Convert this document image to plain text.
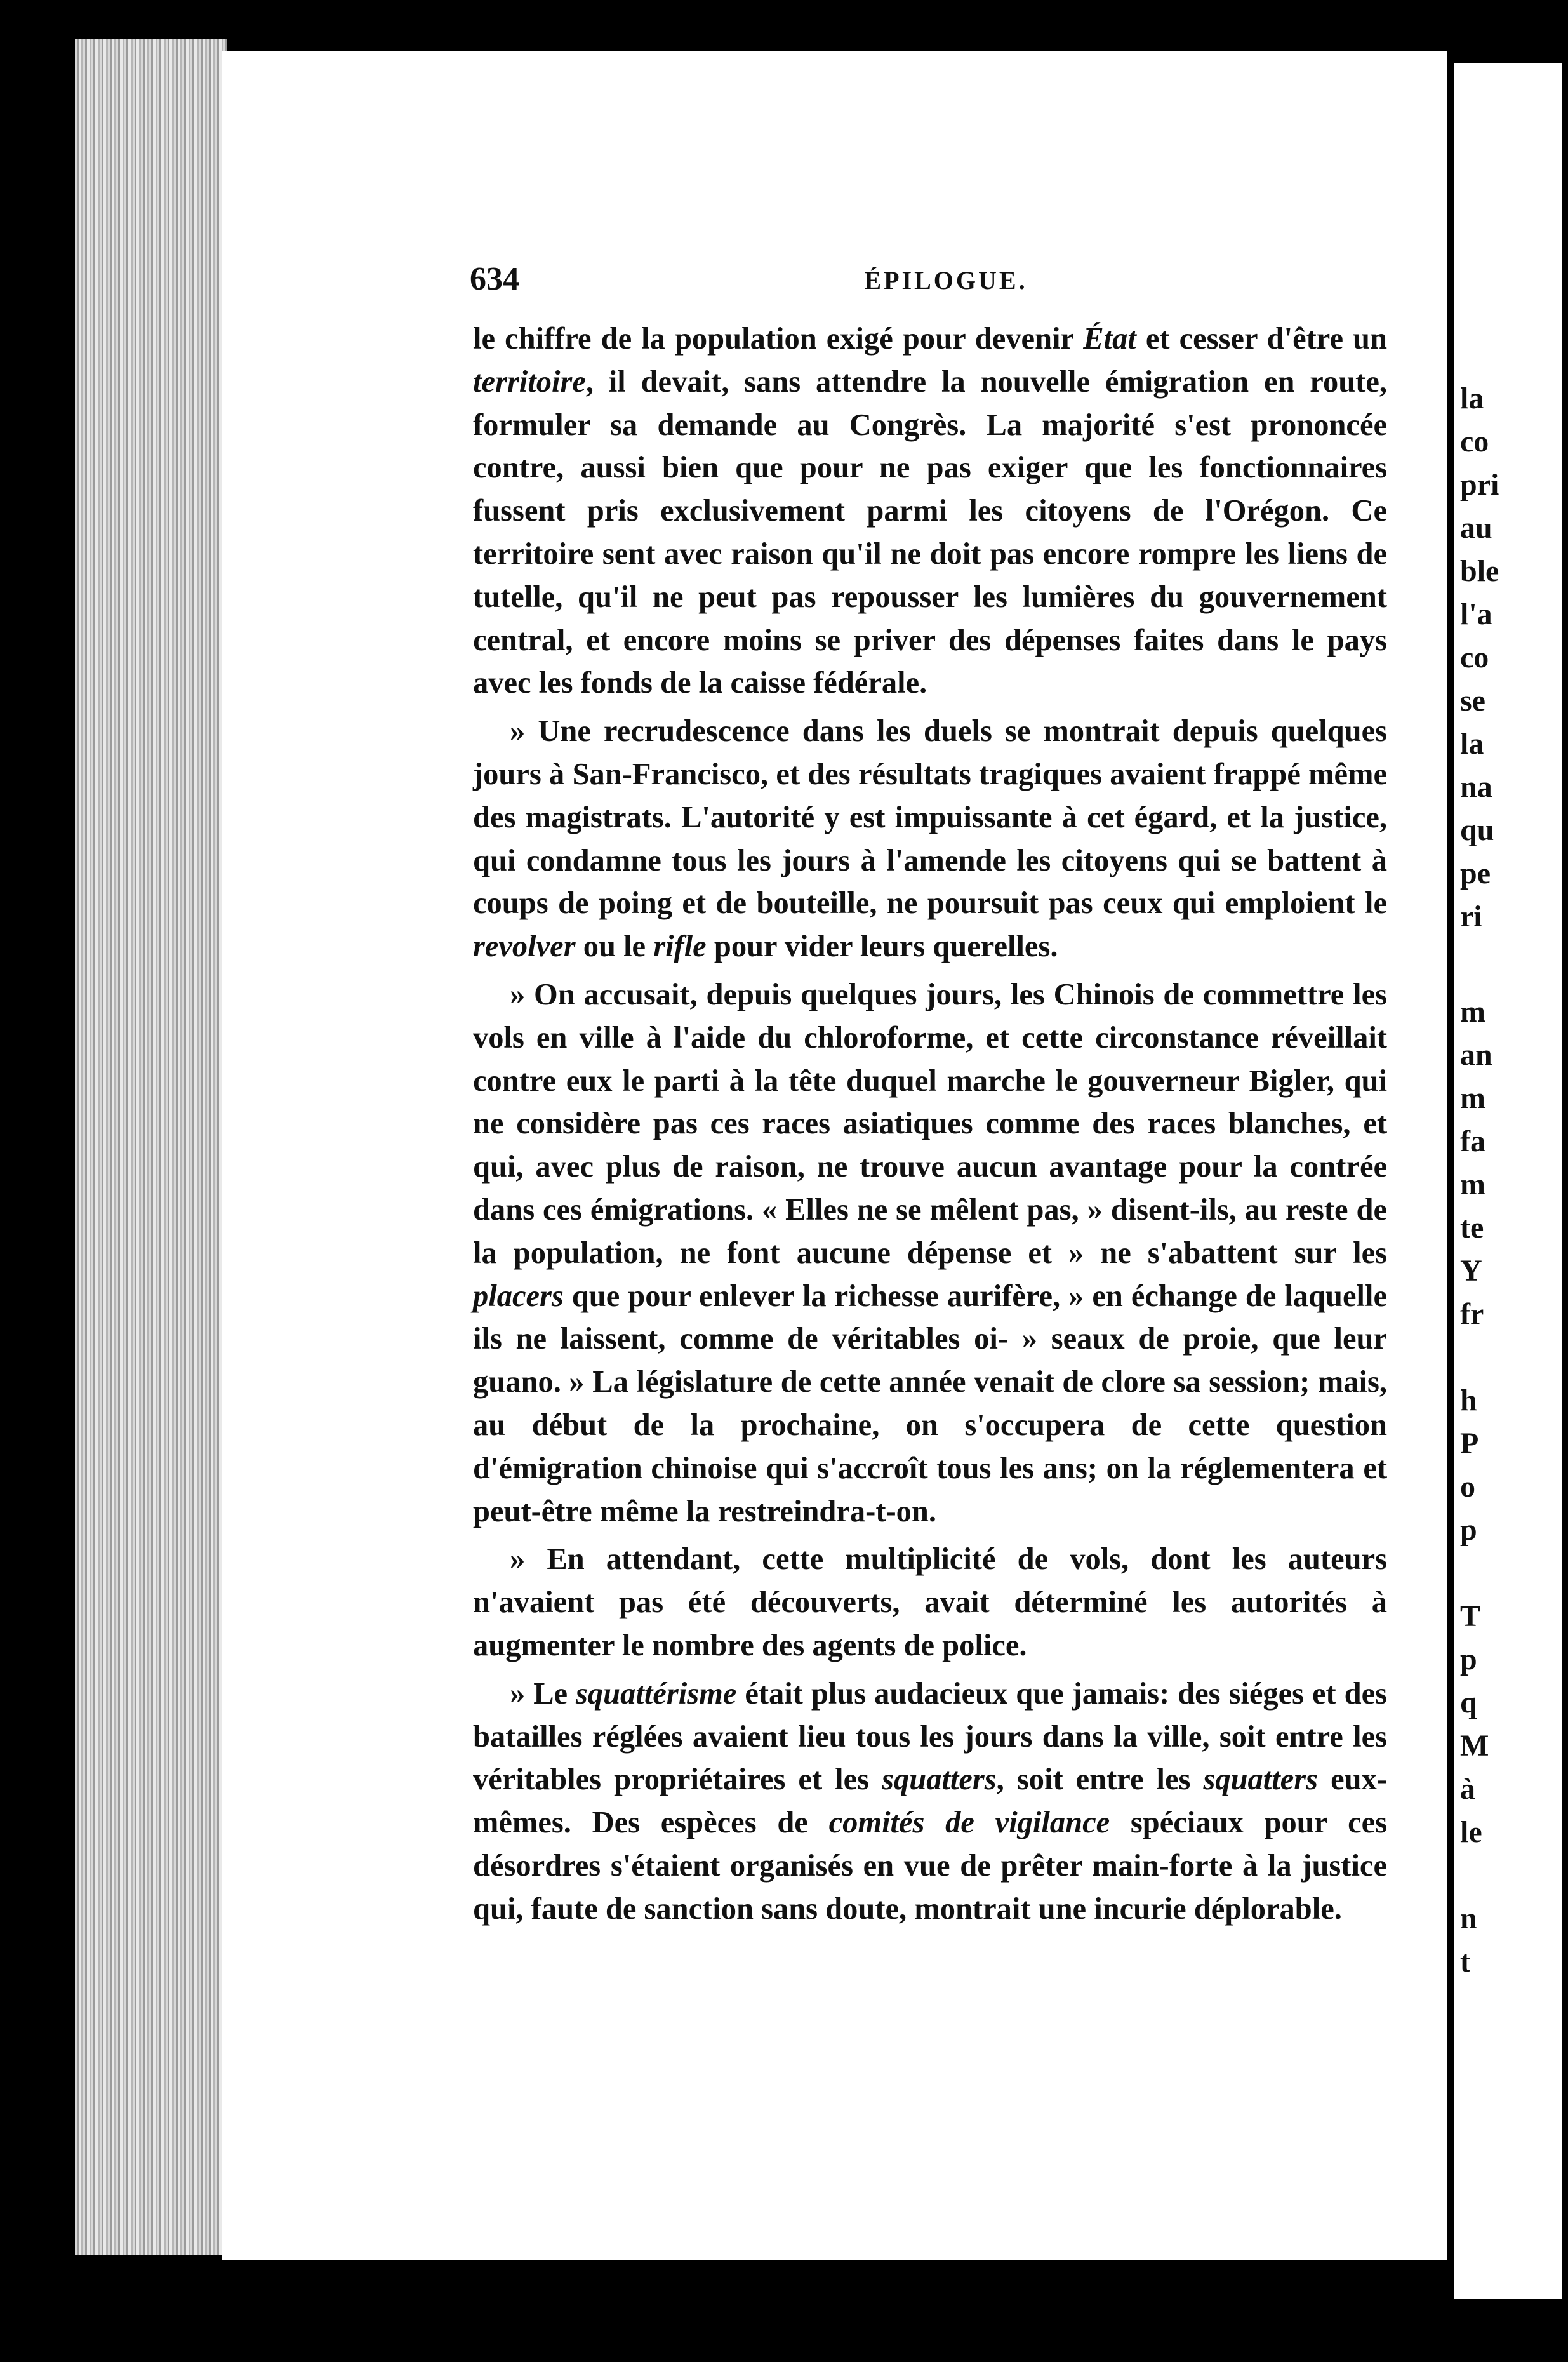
634	ÉPILOGUE.

le chiffre de la population exigé pour devenir État et cesser d'être un territoire, il devait, sans attendre la nouvelle émigration en route, formuler sa demande au Congrès. La majorité s'est prononcée contre, aussi bien que pour ne pas exiger que les fonctionnaires fussent pris exclusivement parmi les citoyens de l'Orégon. Ce territoire sent avec raison qu'il ne doit pas encore rompre les liens de tutelle, qu'il ne peut pas repousser les lumières du gouvernement central, et encore moins se priver des dépenses faites dans le pays avec les fonds de la caisse fédérale.

» Une recrudescence dans les duels se montrait depuis quelques jours à San-Francisco, et des résultats tragiques avaient frappé même des magistrats. L'autorité y est impuissante à cet égard, et la justice, qui condamne tous les jours à l'amende les citoyens qui se battent à coups de poing et de bouteille, ne poursuit pas ceux qui emploient le revolver ou le rifle pour vider leurs querelles.

» On accusait, depuis quelques jours, les Chinois de commettre les vols en ville à l'aide du chloroforme, et cette circonstance réveillait contre eux le parti à la tête duquel marche le gouverneur Bigler, qui ne considère pas ces races asiatiques comme des races blanches, et qui, avec plus de raison, ne trouve aucun avantage pour la contrée dans ces émigrations. « Elles ne se mêlent pas, » disent-ils, au reste de la population, ne font aucune dépense et » ne s'abattent sur les placers que pour enlever la richesse aurifère, » en échange de laquelle ils ne laissent, comme de véritables oi- » seaux de proie, que leur guano. » La législature de cette année venait de clore sa session; mais, au début de la prochaine, on s'occupera de cette question d'émigration chinoise qui s'accroît tous les ans; on la réglementera et peut-être même la restreindra-t-on.

» En attendant, cette multiplicité de vols, dont les auteurs n'avaient pas été découverts, avait déterminé les autorités à augmenter le nombre des agents de police.

» Le squattérisme était plus audacieux que jamais: des siéges et des batailles réglées avaient lieu tous les jours dans la ville, soit entre les véritables propriétaires et les squatters, soit entre les squatters eux-mêmes. Des espèces de comités de vigilance spéciaux pour ces désordres s'étaient organisés en vue de prêter main-forte à la justice qui, faute de sanction sans doute, montrait une incurie déplorable.

la
co
pri
au
ble
l'a
co
se
la
na
qu
pe
ri
m
an
m
fa
m
te
Y
fr
h
P
o
p
T
p
q
M
à
le
n
t
